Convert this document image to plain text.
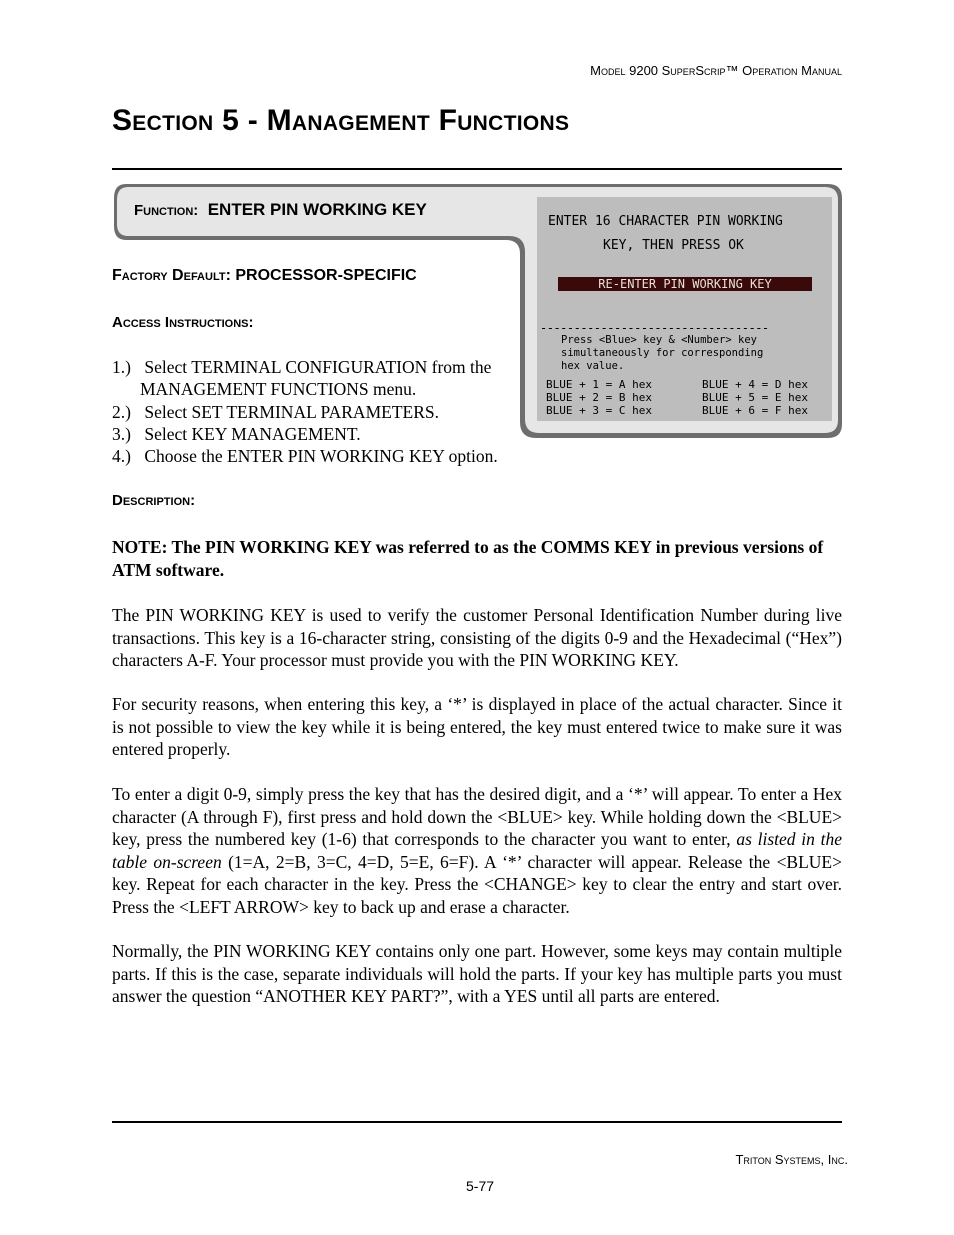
Model 9200 SuperScrip™ Operation Manual
Section 5 - Management Functions
Function: ENTER PIN WORKING KEY
ENTER 16 CHARACTER PIN WORKING
KEY, THEN PRESS OK
RE-ENTER PIN WORKING KEY
----------------------------------
Press <Blue> key & <Number> key
simultaneously for corresponding
hex value.
BLUE + 1 = A hex
BLUE + 2 = B hex
BLUE + 3 = C hex
BLUE + 4 = D hex
BLUE + 5 = E hex
BLUE + 6 = F hex
Factory Default: PROCESSOR-SPECIFIC
Access Instructions:
1.) Select TERMINAL CONFIGURATION from the
MANAGEMENT FUNCTIONS menu.
2.) Select SET TERMINAL PARAMETERS.
3.) Select KEY MANAGEMENT.
4.) Choose the ENTER PIN WORKING KEY option.
Description:

NOTE: The PIN WORKING KEY was referred to as the COMMS KEY in previous versions of ATM software.

The PIN WORKING KEY is used to verify the customer Personal Identification Number during live transactions. This key is a 16-character string, consisting of the digits 0-9 and the Hexadecimal (“Hex”) characters A-F. Your processor must provide you with the PIN WORKING KEY.

For security reasons, when entering this key, a ‘*’ is displayed in place of the actual character. Since it is not possible to view the key while it is being entered, the key must entered twice to make sure it was entered properly.

To enter a digit 0-9, simply press the key that has the desired digit, and a ‘*’ will appear. To enter a Hex character (A through F), first press and hold down the <BLUE> key. While holding down the <BLUE> key, press the numbered key (1-6) that corresponds to the character you want to enter, as listed in the table on-screen (1=A, 2=B, 3=C, 4=D, 5=E, 6=F). A ‘*’ character will appear. Release the <BLUE> key. Repeat for each character in the key. Press the <CHANGE> key to clear the entry and start over. Press the <LEFT ARROW> key to back up and erase a character.

Normally, the PIN WORKING KEY contains only one part. However, some keys may contain multiple parts. If this is the case, separate individuals will hold the parts. If your key has multiple parts you must answer the question “ANOTHER KEY PART?”, with a YES until all parts are entered.

Triton Systems, Inc.
5-77
